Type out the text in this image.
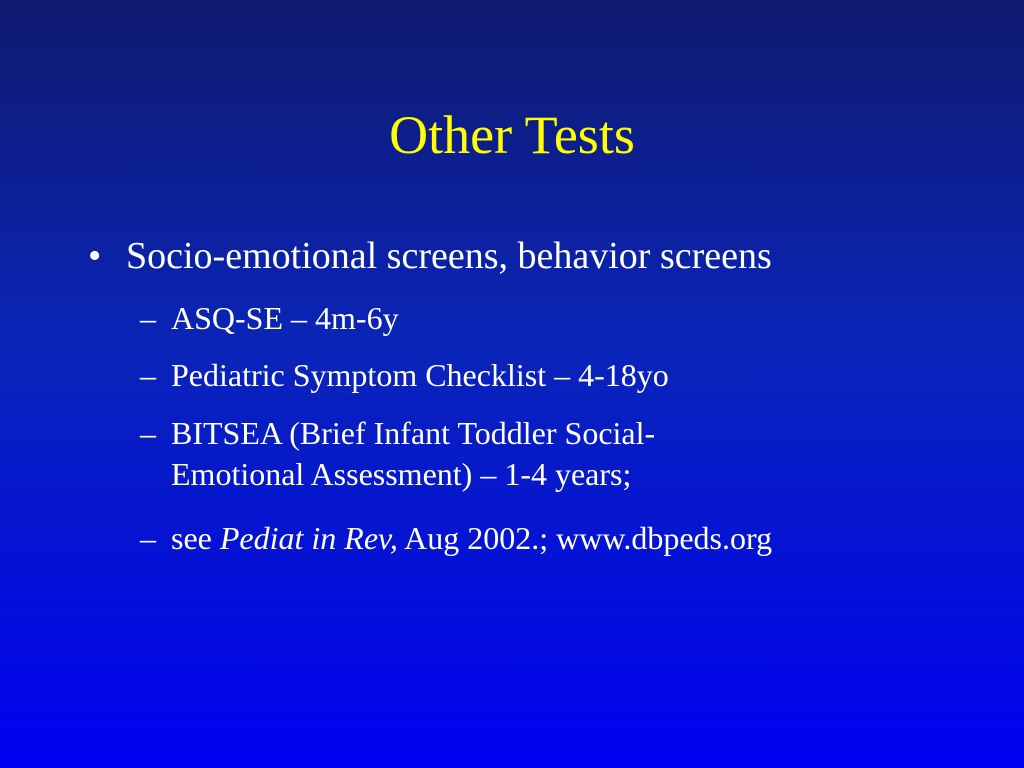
Other Tests
• Socio-emotional screens, behavior screens
– ASQ-SE – 4m-6y
– Pediatric Symptom Checklist – 4-18yo
– BITSEA (Brief Infant Toddler Social-
Emotional Assessment) – 1-4 years;
– see Pediat in Rev, Aug 2002.; www.dbpeds.org
